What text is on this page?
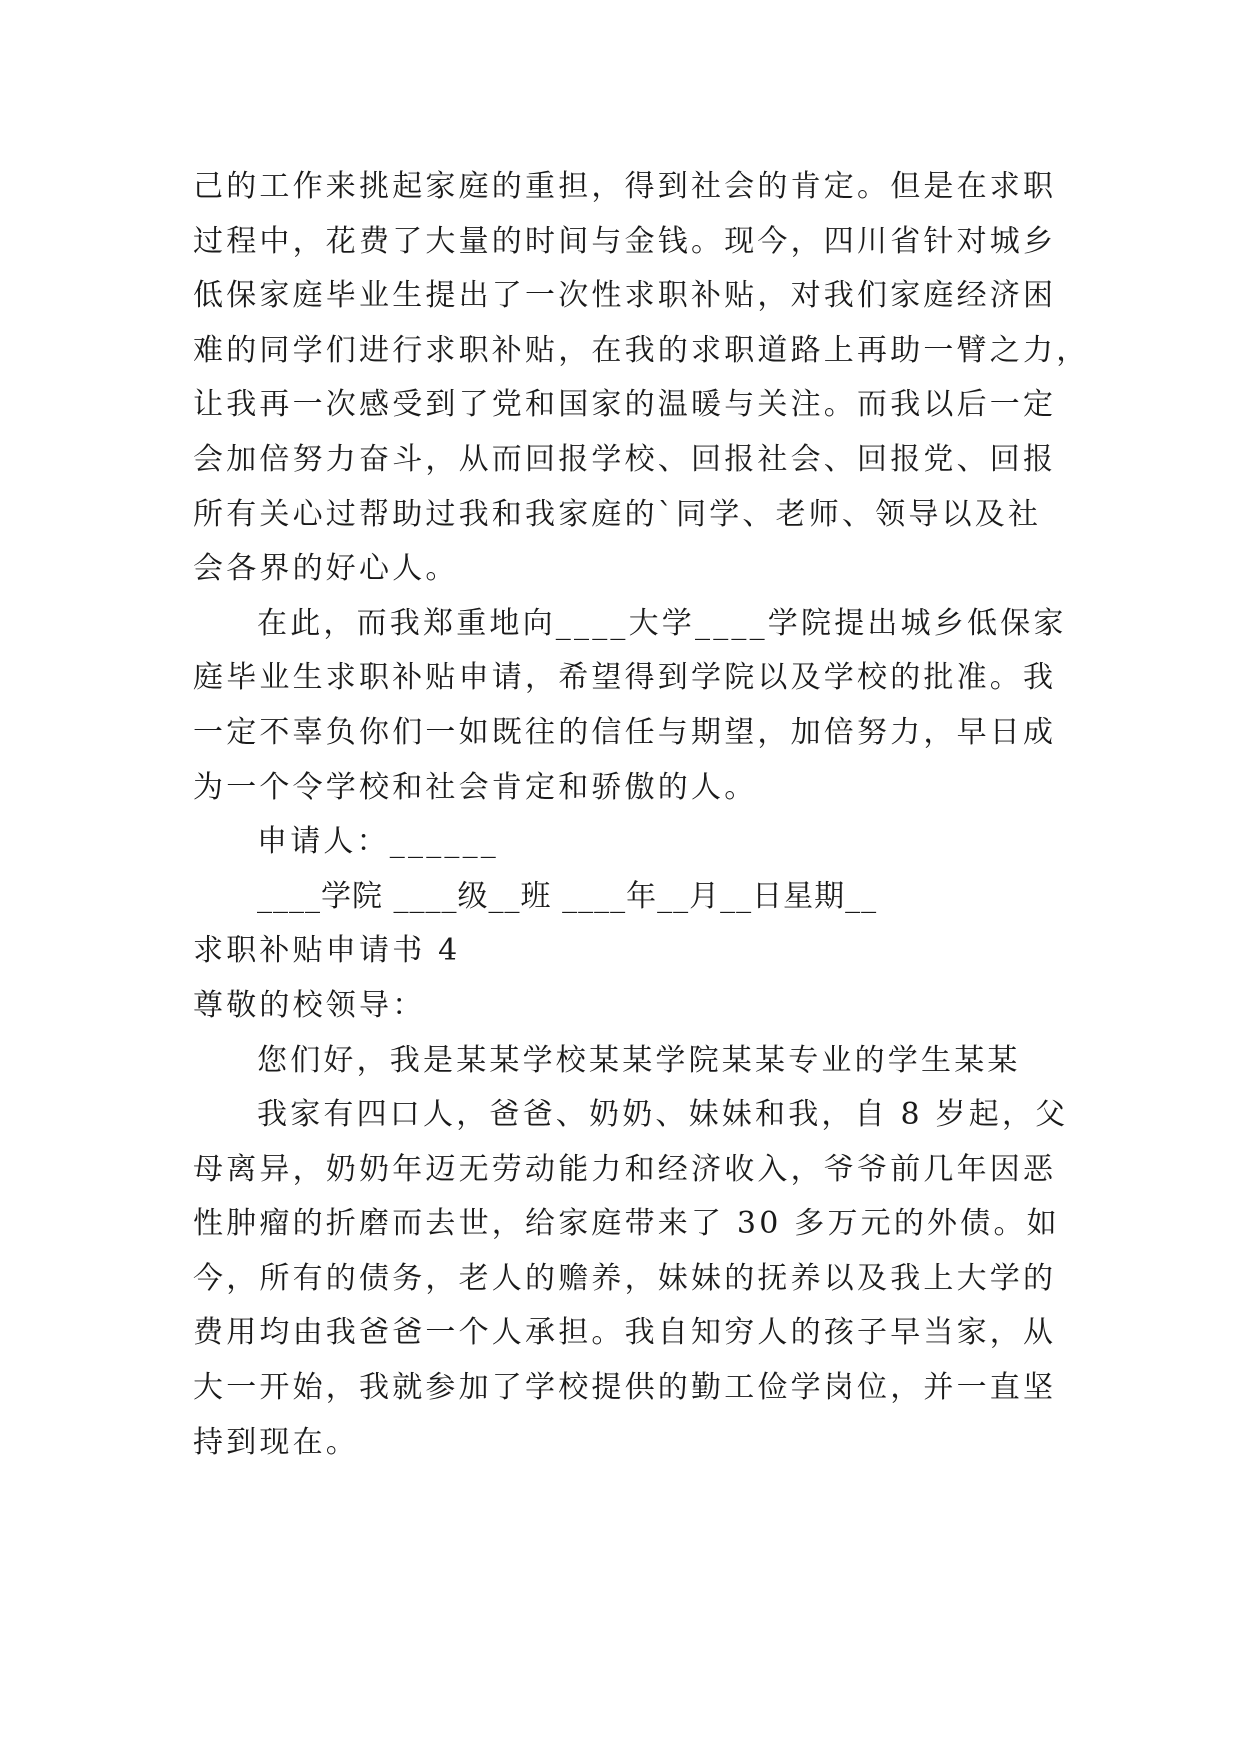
己的工作来挑起家庭的重担，得到社会的肯定。但是在求职
过程中，花费了大量的时间与金钱。现今，四川省针对城乡
低保家庭毕业生提出了一次性求职补贴，对我们家庭经济困
难的同学们进行求职补贴，在我的求职道路上再助一臂之力，
让我再一次感受到了党和国家的温暖与关注。而我以后一定
会加倍努力奋斗，从而回报学校、回报社会、回报党、回报
所有关心过帮助过我和我家庭的`同学、老师、领导以及社
会各界的好心人。
在此，而我郑重地向____大学____学院提出城乡低保家
庭毕业生求职补贴申请，希望得到学院以及学校的批准。我
一定不辜负你们一如既往的信任与期望，加倍努力，早日成
为一个令学校和社会肯定和骄傲的人。
申请人：______
____学院 ____级__班 ____年__月__日星期__
求职补贴申请书 4
尊敬的校领导：
您们好，我是某某学校某某学院某某专业的学生某某
我家有四口人，爸爸、奶奶、妹妹和我，自 8 岁起，父
母离异，奶奶年迈无劳动能力和经济收入，爷爷前几年因恶
性肿瘤的折磨而去世，给家庭带来了 30 多万元的外债。如
今，所有的债务，老人的赡养，妹妹的抚养以及我上大学的
费用均由我爸爸一个人承担。我自知穷人的孩子早当家，从
大一开始，我就参加了学校提供的勤工俭学岗位，并一直坚
持到现在。
